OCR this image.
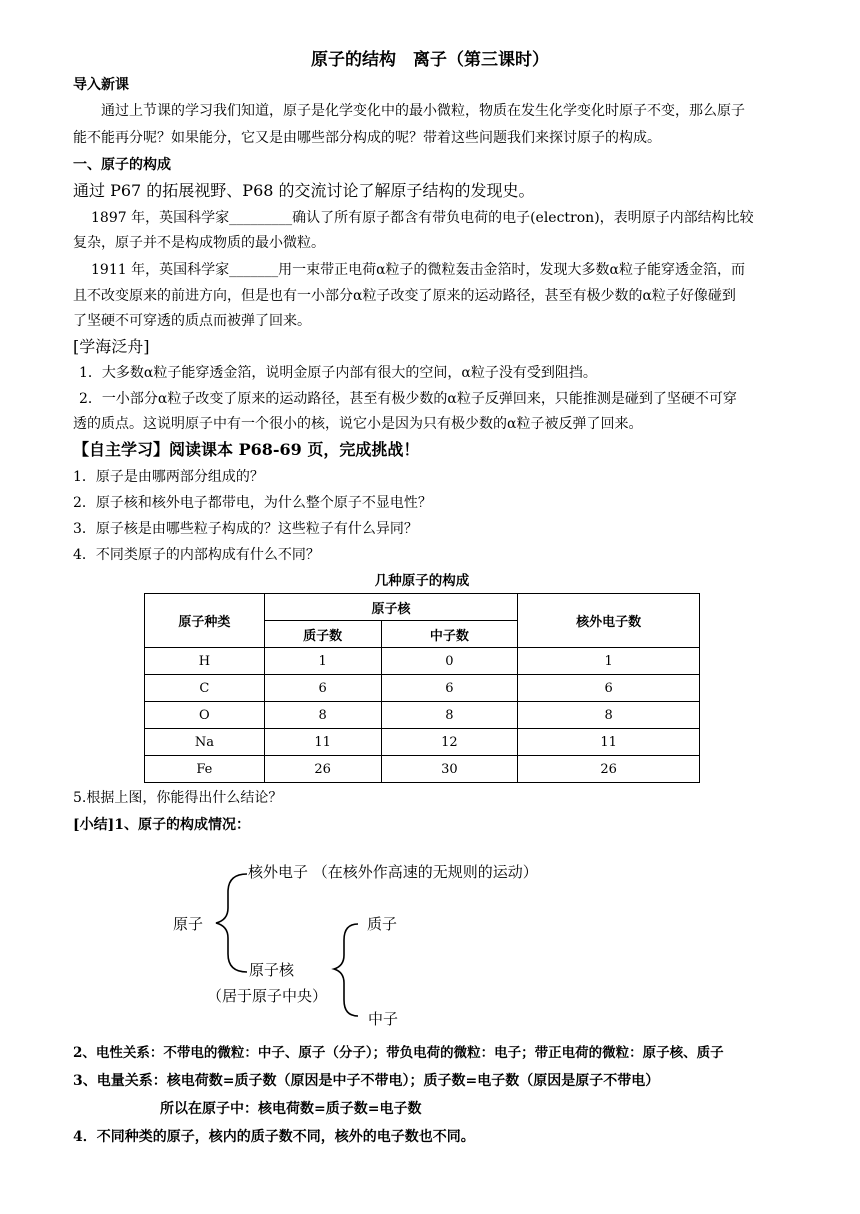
原子的结构　离子（第三课时）
导入新课
通过上节课的学习我们知道，原子是化学变化中的最小微粒，物质在发生化学变化时原子不变，那么原子
能不能再分呢？如果能分，它又是由哪些部分构成的呢？带着这些问题我们来探讨原子的构成。
一、原子的构成
通过 P67 的拓展视野、P68 的交流讨论了解原子结构的发现史。
1897 年，英国科学家_________确认了所有原子都含有带负电荷的电子(electron)，表明原子内部结构比较
复杂，原子并不是构成物质的最小微粒。
1911 年，英国科学家_______用一束带正电荷α粒子的微粒轰击金箔时，发现大多数α粒子能穿透金箔，而
且不改变原来的前进方向，但是也有一小部分α粒子改变了原来的运动路径，甚至有极少数的α粒子好像碰到
了坚硬不可穿透的质点而被弹了回来。
[学海泛舟]
1．大多数α粒子能穿透金箔，说明金原子内部有很大的空间，α粒子没有受到阻挡。
2．一小部分α粒子改变了原来的运动路径，甚至有极少数的α粒子反弹回来，只能推测是碰到了坚硬不可穿
透的质点。这说明原子中有一个很小的核，说它小是因为只有极少数的α粒子被反弹了回来。
【自主学习】阅读课本 P68-69 页，完成挑战！
1．原子是由哪两部分组成的？
2．原子核和核外电子都带电，为什么整个原子不显电性？
3．原子核是由哪些粒子构成的？这些粒子有什么异同？
4．不同类原子的内部构成有什么不同？
几种原子的构成
原子种类	原子核		核外电子数
	质子数	中子数	
H	1	0	1
C	6	6	6
O	8	8	8
Na	11	12	11
Fe	26	30	26
5.根据上图，你能得出什么结论？
[小结]1、原子的构成情况：
核外电子 （在核外作高速的无规则的运动）
原子	质子
原子核
（居于原子中央）
中子
2、电性关系：不带电的微粒：中子、原子（分子）；带负电荷的微粒：电子；带正电荷的微粒：原子核、质子
3、电量关系：核电荷数=质子数（原因是中子不带电）；质子数=电子数（原因是原子不带电）
所以在原子中：核电荷数=质子数=电子数
4．不同种类的原子，核内的质子数不同，核外的电子数也不同。
